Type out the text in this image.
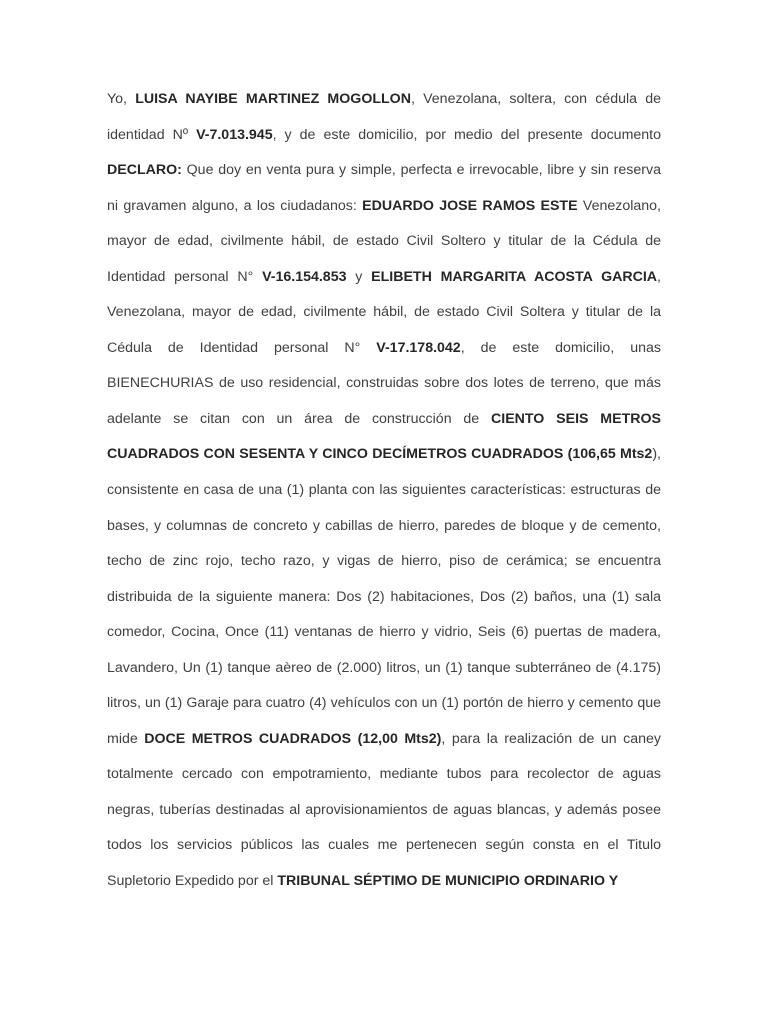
Yo, LUISA NAYIBE MARTINEZ MOGOLLON, Venezolana, soltera, con cédula de identidad Nº V-7.013.945, y de este domicilio, por medio del presente documento DECLARO: Que doy en venta pura y simple, perfecta e irrevocable, libre y sin reserva ni gravamen alguno, a los ciudadanos: EDUARDO JOSE RAMOS ESTE Venezolano, mayor de edad, civilmente hábil, de estado Civil Soltero y titular de la Cédula de Identidad personal N° V-16.154.853 y ELIBETH MARGARITA ACOSTA GARCIA, Venezolana, mayor de edad, civilmente hábil, de estado Civil Soltera y titular de la Cédula de Identidad personal N° V-17.178.042, de este domicilio, unas BIENECHURIAS de uso residencial, construidas sobre dos lotes de terreno, que más adelante se citan con un área de construcción de CIENTO SEIS METROS CUADRADOS CON SESENTA Y CINCO DECÍMETROS CUADRADOS (106,65 Mts2), consistente en casa de una (1) planta con las siguientes características: estructuras de bases, y columnas de concreto y cabillas de hierro, paredes de bloque y de cemento, techo de zinc rojo, techo razo, y vigas de hierro, piso de cerámica; se encuentra distribuida de la siguiente manera: Dos (2) habitaciones, Dos (2) baños, una (1) sala comedor, Cocina, Once (11) ventanas de hierro y vidrio, Seis (6) puertas de madera, Lavandero, Un (1) tanque aèreo de (2.000) litros, un (1) tanque subterráneo de (4.175) litros, un (1) Garaje para cuatro (4) vehículos con un (1) portón de hierro y cemento que mide DOCE METROS CUADRADOS (12,00 Mts2), para la realización de un caney totalmente cercado con empotramiento, mediante tubos para recolector de aguas negras, tuberías destinadas al aprovisionamientos de aguas blancas, y además posee todos los servicios públicos las cuales me pertenecen según consta en el Titulo Supletorio Expedido por el TRIBUNAL SÉPTIMO DE MUNICIPIO ORDINARIO Y
